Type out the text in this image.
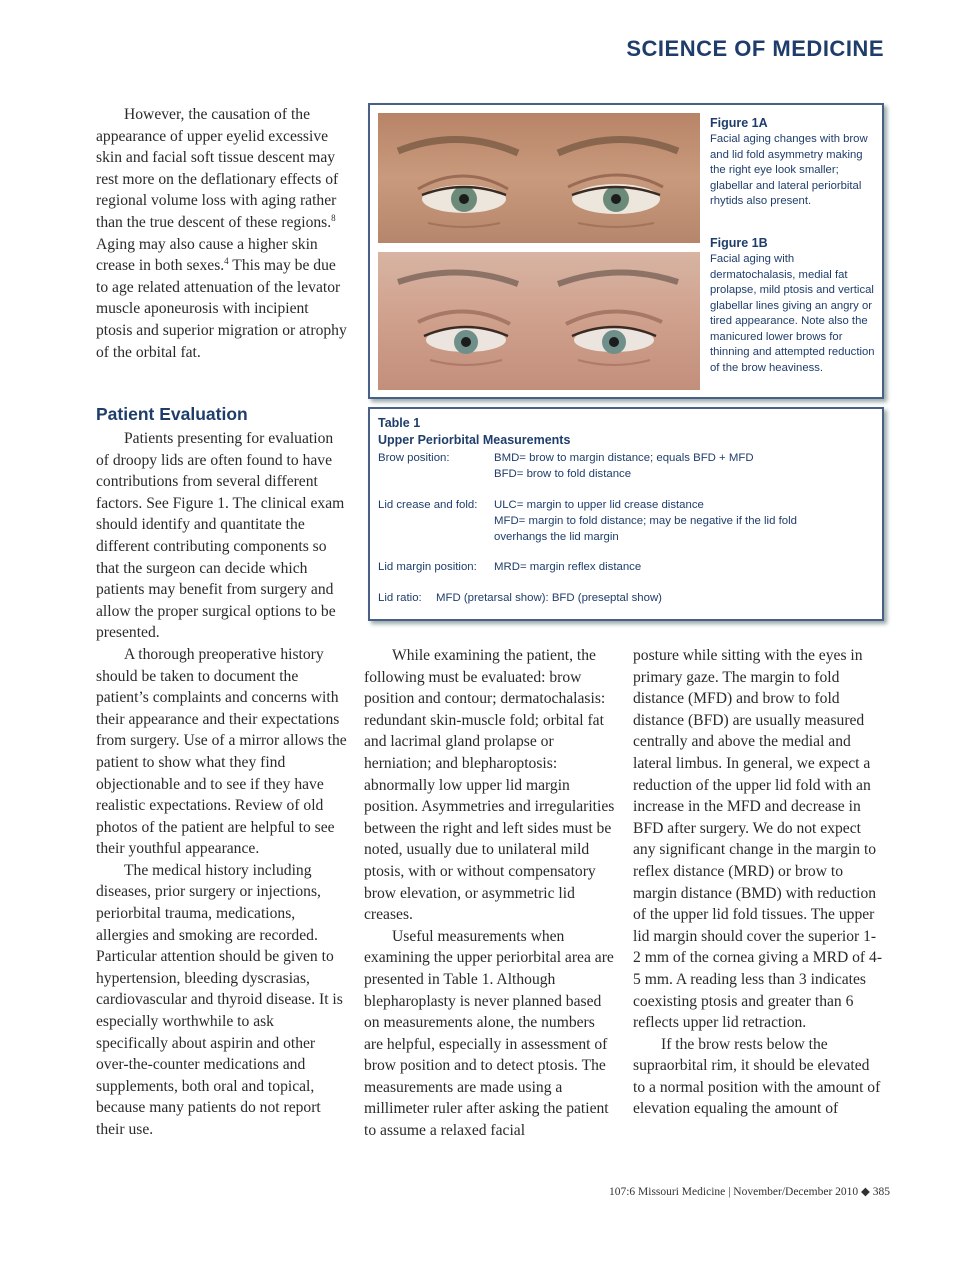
SCIENCE OF MEDICINE

However, the causation of the appearance of upper eyelid excessive skin and facial soft tissue descent may rest more on the deflationary effects of regional volume loss with aging rather than the true descent of these regions.$^8$ Aging may also cause a higher skin crease in both sexes.$^4$ This may be due to age related attenuation of the levator muscle aponeurosis with incipient ptosis and superior migration or atrophy of the orbital fat.

Patient Evaluation

Patients presenting for evaluation of droopy lids are often found to have contributions from several different factors. See Figure 1. The clinical exam should identify and quantitate the different contributing components so that the surgeon can decide which patients may benefit from surgery and allow the proper surgical options to be presented.

A thorough preoperative history should be taken to document the patient’s complaints and concerns with their appearance and their expectations from surgery. Use of a mirror allows the patient to show what they find objectionable and to see if they have realistic expectations. Review of old photos of the patient are helpful to see their youthful appearance.

The medical history including diseases, prior surgery or injections, periorbital trauma, medications, allergies and smoking are recorded. Particular attention should be given to hypertension, bleeding dyscrasias, cardiovascular and thyroid disease. It is especially worthwhile to ask specifically about aspirin and other over-the-counter medications and supplements, both oral and topical, because many patients do not report their use.

Figure 1A
Facial aging changes with brow and lid fold asymmetry making the right eye look smaller; glabellar and lateral periorbital rhytids also present.
Figure 1B
Facial aging with dermatochalasis, medial fat prolapse, mild ptosis and vertical glabellar lines giving an angry or tired appearance. Note also the manicured lower brows for thinning and attempted reduction of the brow heaviness.
Table 1
Upper Periorbital Measurements
Brow position:	BMD= brow to margin distance; equals BFD + MFD
BFD= brow to fold distance
Lid crease and fold: ULC= margin to upper lid crease distance
MFD= margin to fold distance; may be negative if the lid fold overhangs the lid margin
Lid margin position: MRD= margin reflex distance
Lid ratio: MFD (pretarsal show): BFD (preseptal show)

While examining the patient, the following must be evaluated: brow position and contour; dermatochalasis: redundant skin-muscle fold; orbital fat and lacrimal gland prolapse or herniation; and blepharoptosis: abnormally low upper lid margin position. Asymmetries and irregularities between the right and left sides must be noted, usually due to unilateral mild ptosis, with or without compensatory brow elevation, or asymmetric lid creases.

Useful measurements when examining the upper periorbital area are presented in Table 1. Although blepharoplasty is never planned based on measurements alone, the numbers are helpful, especially in assessment of brow position and to detect ptosis. The measurements are made using a millimeter ruler after asking the patient to assume a relaxed facial

posture while sitting with the eyes in primary gaze. The margin to fold distance (MFD) and brow to fold distance (BFD) are usually measured centrally and above the medial and lateral limbus. In general, we expect a reduction of the upper lid fold with an increase in the MFD and decrease in BFD after surgery. We do not expect any significant change in the margin to reflex distance (MRD) or brow to margin distance (BMD) with reduction of the upper lid fold tissues. The upper lid margin should cover the superior 1-2 mm of the cornea giving a MRD of 4-5 mm. A reading less than 3 indicates coexisting ptosis and greater than 6 reflects upper lid retraction.

If the brow rests below the supraorbital rim, it should be elevated to a normal position with the amount of elevation equaling the amount of

107:6 Missouri Medicine | November/December 2010 ◆ 385
